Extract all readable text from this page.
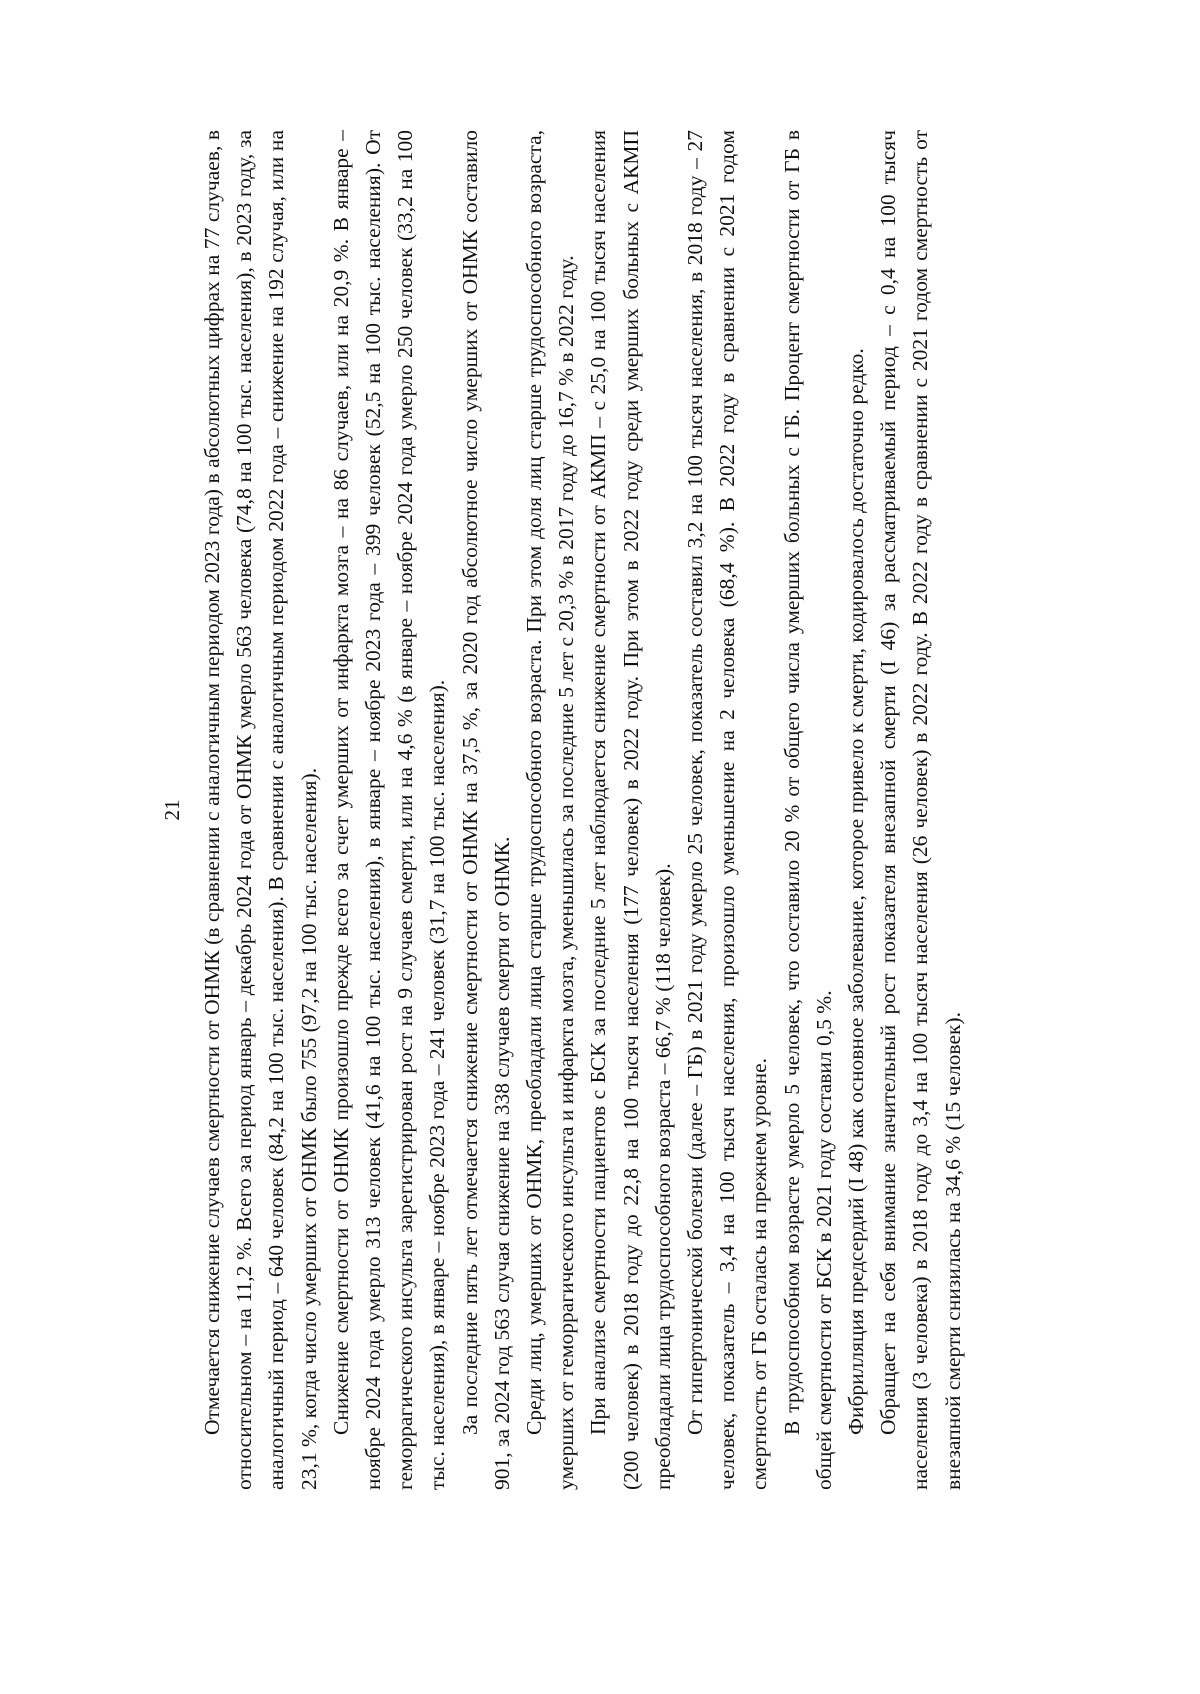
21 Отмечается снижение случаев смертности от ОНМК (в сравнении с аналогичным периодом 2023 года) в абсолютных цифрах на 77 случаев, в относительном – на 11,2 %. Всего за период январь – декабрь 2024 года от ОНМК умерло 563 человека (74,8 на 100 тыс. населения), в 2023 году, за аналогичный период – 640 человек (84,2 на 100 тыс. населения). В сравнении с аналогичным периодом 2022 года – снижение на 192 случая, или на 23,1 %, когда число умерших от ОНМК было 755 (97,2 на 100 тыс. населения). Снижение смертности от ОНМК произошло прежде всего за счет умерших от инфаркта мозга – на 86 случаев, или на 20,9 %. В январе – ноябре 2024 года умерло 313 человек (41,6 на 100 тыс. населения), в январе – ноябре 2023 года – 399 человек (52,5 на 100 тыс. населения). От геморрагического инсульта зарегистрирован рост на 9 случаев смерти, или на 4,6 % (в январе – ноябре 2024 года умерло 250 человек (33,2 на 100 тыс. населения), в январе – ноябре 2023 года – 241 человек (31,7 на 100 тыс. населения). За последние пять лет отмечается снижение смертности от ОНМК на 37,5 %, за 2020 год абсолютное число умерших от ОНМК составило 901, за 2024 год 563 случая снижение на 338 случаев смерти от ОНМК. Среди лиц, умерших от ОНМК, преобладали лица старше трудоспособного возраста. При этом доля лиц старше трудоспособного возраста, умерших от геморрагического инсульта и инфаркта мозга, уменьшилась за последние 5 лет с 20,3 % в 2017 году до 16,7 % в 2022 году. При анализе смертности пациентов с БСК за последние 5 лет наблюдается снижение смертности от АКМП – с 25,0 на 100 тысяч населения (200 человек) в 2018 году до 22,8 на 100 тысяч населения (177 человек) в 2022 году. При этом в 2022 году среди умерших больных с АКМП преобладали лица трудоспособного возраста – 66,7 % (118 человек). От гипертонической болезни (далее – ГБ) в 2021 году умерло 25 человек, показатель составил 3,2 на 100 тысяч населения, в 2018 году – 27 человек, показатель – 3,4 на 100 тысяч населения, произошло уменьшение на 2 человека (68,4 %). В 2022 году в сравнении с 2021 годом смертность от ГБ осталась на прежнем уровне. В трудоспособном возрасте умерло 5 человек, что составило 20 % от общего числа умерших больных с ГБ. Процент смертности от ГБ в общей смертности от БСК в 2021 году составил 0,5 %. Фибрилляция предсердий (I 48) как основное заболевание, которое привело к смерти, кодировалось достаточно редко. Обращает на себя внимание значительный рост показателя внезапной смерти (I 46) за рассматриваемый период – с 0,4 на 100 тысяч населения (3 человека) в 2018 году до 3,4 на 100 тысяч населения (26 человек) в 2022 году. В 2022 году в сравнении с 2021 годом смертность от внезапной смерти снизилась на 34,6 % (15 человек).
